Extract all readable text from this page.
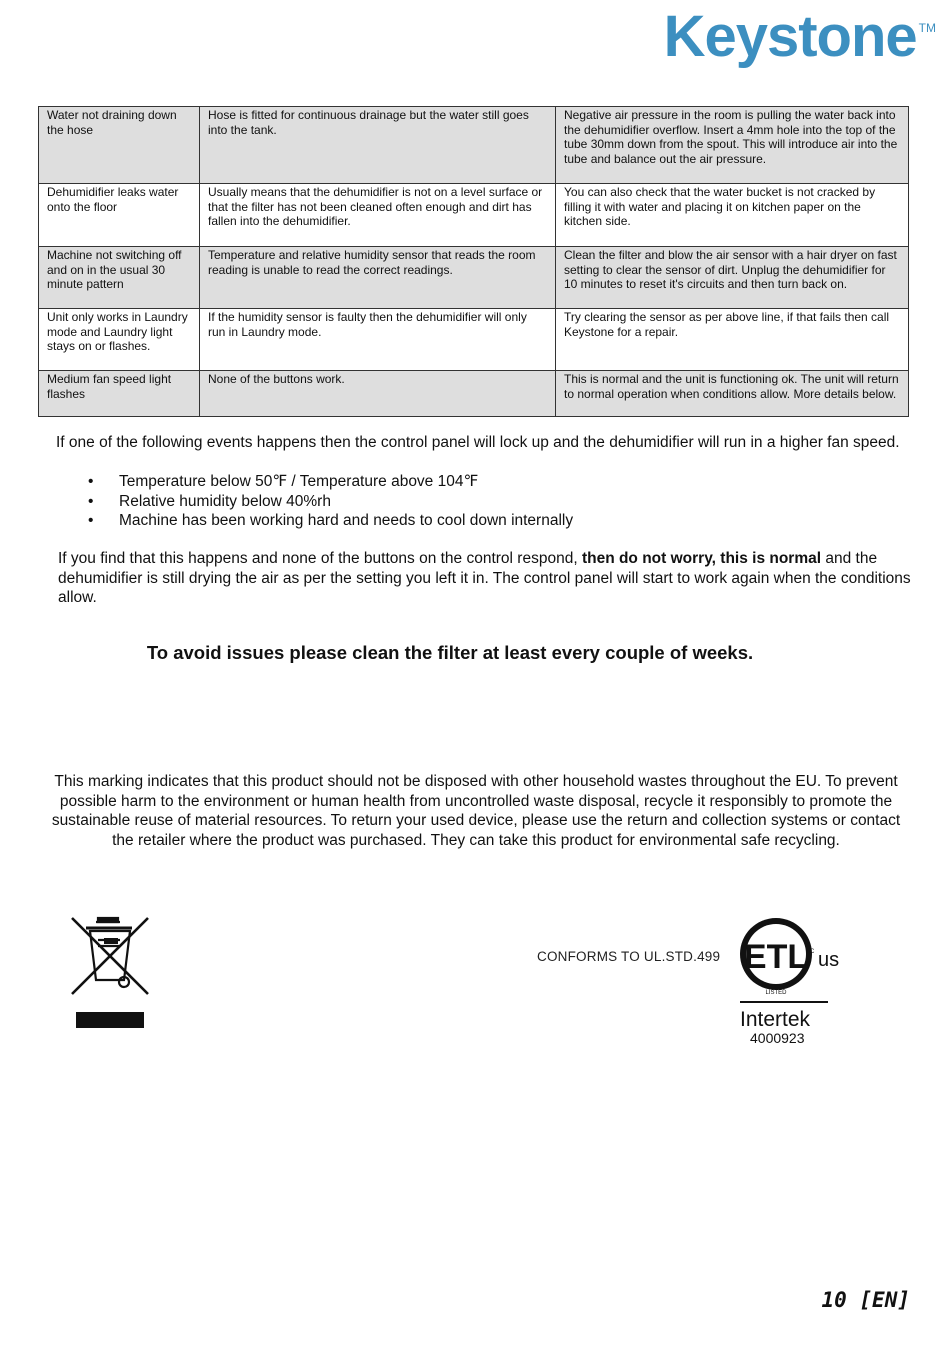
Keystone ™
Water not draining down the hose	Hose is fitted for continuous drainage but the water still goes into the tank.	Negative air pressure in the room is pulling the water back into the dehumidifier overflow. Insert a 4mm hole into the top of the tube 30mm down from the spout. This will introduce air into the tube and balance out the air pressure.
Dehumidifier leaks water onto the floor	Usually means that the dehumidifier is not on a level surface or that the filter has not been cleaned often enough and dirt has fallen into the dehumidifier.	You can also check that the water bucket is not cracked by filling it with water and placing it on kitchen paper on the kitchen side.
Machine not switching off and on in the usual 30 minute pattern	Temperature and relative humidity sensor that reads the room reading is unable to read the correct readings.	Clean the filter and blow the air sensor with a hair dryer on fast setting to clear the sensor of dirt. Unplug the dehumidifier for 10 minutes to reset it's circuits and then turn back on.
Unit only works in Laundry mode and Laundry light stays on or flashes.	If the humidity sensor is faulty then the dehumidifier will only run in Laundry mode.	Try clearing the sensor as per above line, if that fails then call Keystone for a repair.
Medium fan speed light flashes	None of the buttons work.	This is normal and the unit is functioning ok. The unit will return to normal operation when conditions allow. More details below.
If one of the following events happens then the control panel will lock up and the dehumidifier will run in a higher fan speed.
• Temperature below 50℉ / Temperature above 104℉
• Relative humidity below 40%rh
• Machine has been working hard and needs to cool down internally
If you find that this happens and none of the buttons on the control respond, then do not worry, this is normal and the dehumidifier is still drying the air as per the setting you left it in. The control panel will start to work again when the conditions allow.
To avoid issues please clean the filter at least every couple of weeks.
This marking indicates that this product should not be disposed with other household wastes throughout the EU. To prevent possible harm to the environment or human health from uncontrolled waste disposal, recycle it responsibly to promote the sustainable reuse of material resources. To return your used device, please use the return and collection systems or contact the retailer where the product was purchased. They can take this product for environmental safe recycling.
CONFORMS TO UL.STD.499 ETL
LISTED
C us
Intertek
4000923
10 [EN]
